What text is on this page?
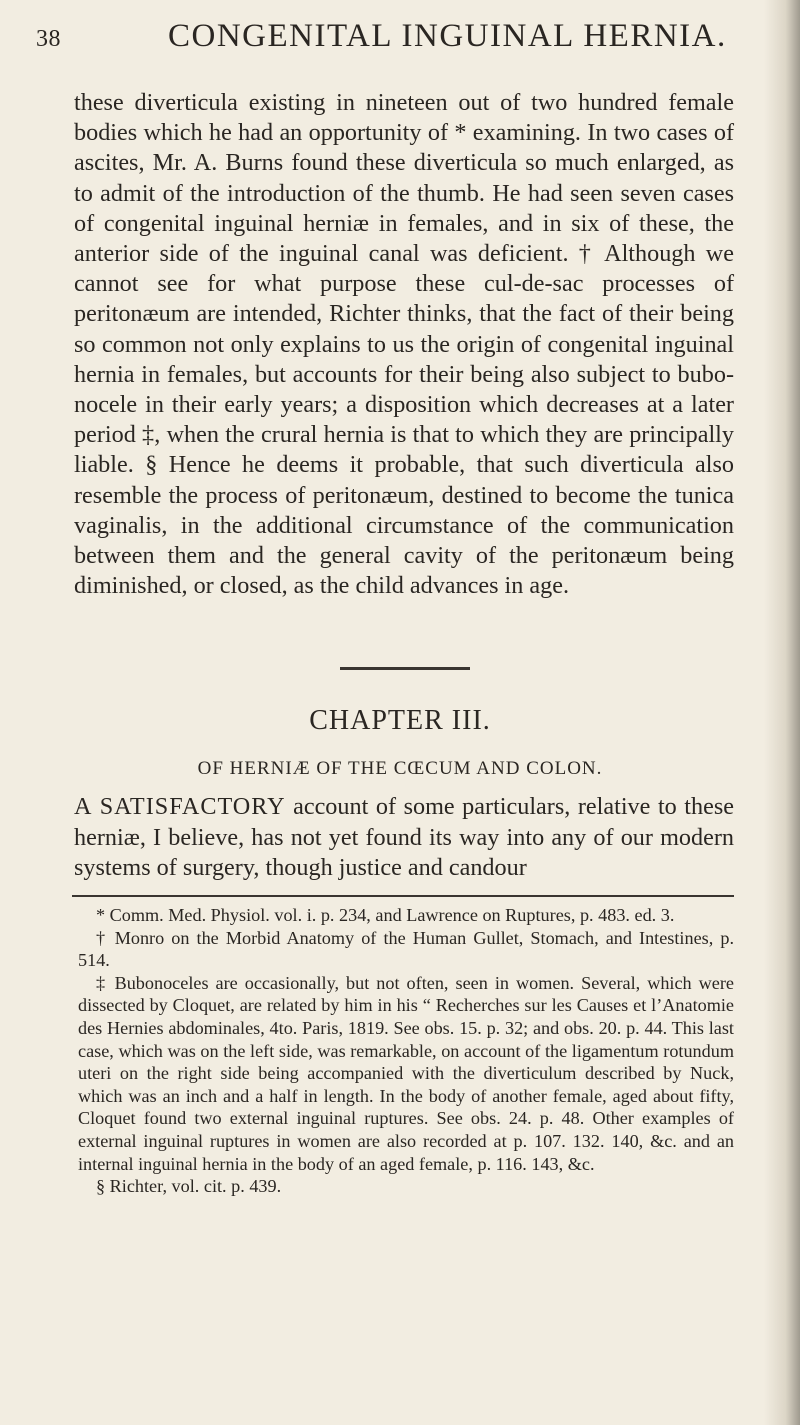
38	CONGENITAL INGUINAL HERNIA.

these diverticula existing in nineteen out of two hundred female bodies which he had an opportunity of * examining. In two cases of ascites, Mr. A. Burns found these diverticula so much enlarged, as to admit of the introduction of the thumb. He had seen seven cases of congenital inguinal herniæ in females, and in six of these, the anterior side of the inguinal canal was deficient. † Although we cannot see for what purpose these cul-de-sac processes of peritonæum are intended, Richter thinks, that the fact of their being so common not only explains to us the origin of congenital inguinal hernia in females, but accounts for their being also subject to bubonocele in their early years; a disposition which decreases at a later period ‡, when the crural hernia is that to which they are principally liable. § Hence he deems it probable, that such diverticula also resemble the process of peritonæum, destined to become the tunica vaginalis, in the additional circumstance of the communication between them and the general cavity of the peritonæum being diminished, or closed, as the child advances in age.

CHAPTER III.
OF HERNIÆ OF THE CŒCUM AND COLON.

A SATISFACTORY account of some particulars, relative to these herniæ, I believe, has not yet found its way into any of our modern systems of surgery, though justice and candour

* Comm. Med. Physiol. vol. i. p. 234, and Lawrence on Ruptures, p. 483. ed. 3.

† Monro on the Morbid Anatomy of the Human Gullet, Stomach, and Intestines, p. 514.

‡ Bubonoceles are occasionally, but not often, seen in women. Several, which were dissected by Cloquet, are related by him in his “ Recherches sur les Causes et l’Anatomie des Hernies abdominales, 4to. Paris, 1819. See obs. 15. p. 32; and obs. 20. p. 44. This last case, which was on the left side, was remarkable, on account of the ligamentum rotundum uteri on the right side being accompanied with the diverticulum described by Nuck, which was an inch and a half in length. In the body of another female, aged about fifty, Cloquet found two external inguinal ruptures. See obs. 24. p. 48. Other examples of external inguinal ruptures in women are also recorded at p. 107. 132. 140, &c. and an internal inguinal hernia in the body of an aged female, p. 116. 143, &c.

§ Richter, vol. cit. p. 439.
